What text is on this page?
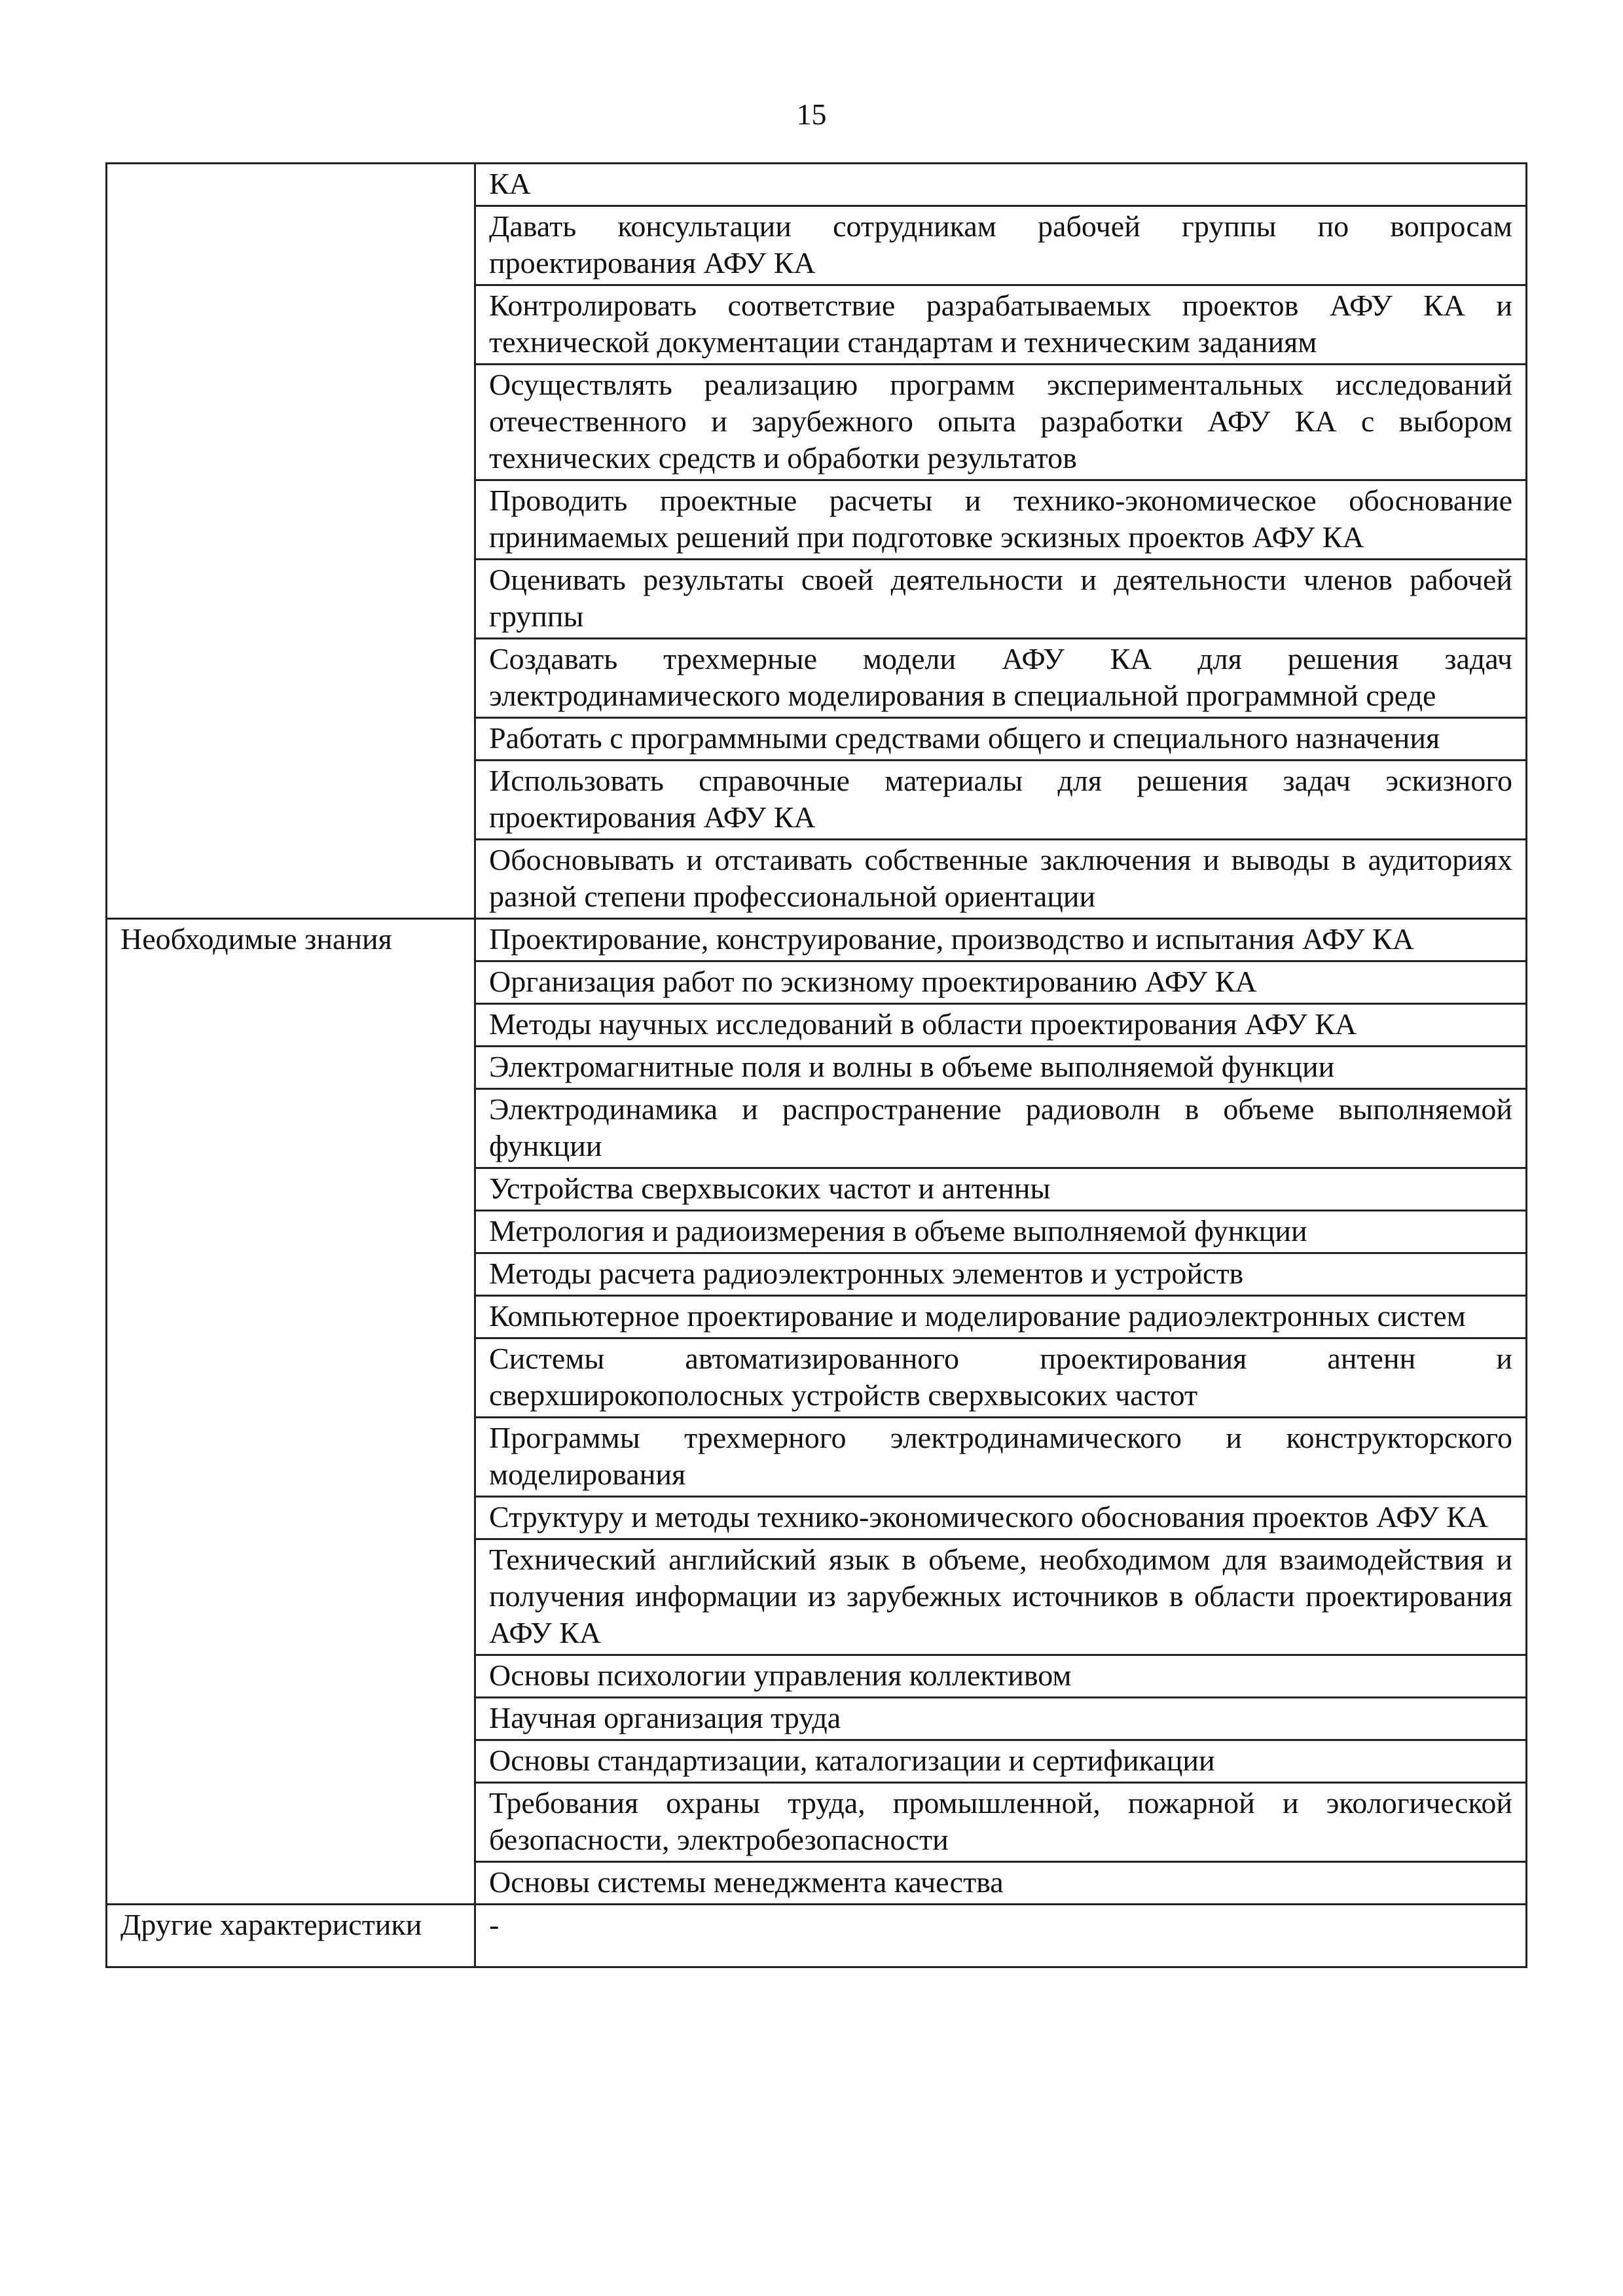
15
	КА
	Давать консультации сотрудникам рабочей группы по вопросам проектирования АФУ КА
	Контролировать соответствие разрабатываемых проектов АФУ КА и технической документации стандартам и техническим заданиям
	Осуществлять реализацию программ экспериментальных исследований отечественного и зарубежного опыта разработки АФУ КА с выбором технических средств и обработки результатов
	Проводить проектные расчеты и технико-экономическое обоснование принимаемых решений при подготовке эскизных проектов АФУ КА
	Оценивать результаты своей деятельности и деятельности членов рабочей группы
	Создавать трехмерные модели АФУ КА для решения задач электродинамического моделирования в специальной программной среде
	Работать с программными средствами общего и специального назначения
	Использовать справочные материалы для решения задач эскизного проектирования АФУ КА
	Обосновывать и отстаивать собственные заключения и выводы в аудиториях разной степени профессиональной ориентации
Необходимые знания	Проектирование, конструирование, производство и испытания АФУ КА
	Организация работ по эскизному проектированию АФУ КА
	Методы научных исследований в области проектирования АФУ КА
	Электромагнитные поля и волны в объеме выполняемой функции
	Электродинамика и распространение радиоволн в объеме выполняемой функции
	Устройства сверхвысоких частот и антенны
	Метрология и радиоизмерения в объеме выполняемой функции
	Методы расчета радиоэлектронных элементов и устройств
	Компьютерное проектирование и моделирование радиоэлектронных систем
	Системы автоматизированного проектирования антенн и сверхширокополосных устройств сверхвысоких частот
	Программы трехмерного электродинамического и конструкторского моделирования
	Структуру и методы технико-экономического обоснования проектов АФУ КА
	Технический английский язык в объеме, необходимом для взаимодействия и получения информации из зарубежных источников в области проектирования АФУ КА
	Основы психологии управления коллективом
	Научная организация труда
	Основы стандартизации, каталогизации и сертификации
	Требования охраны труда, промышленной, пожарной и экологической безопасности, электробезопасности
	Основы системы менеджмента качества
Другие характеристики	-
